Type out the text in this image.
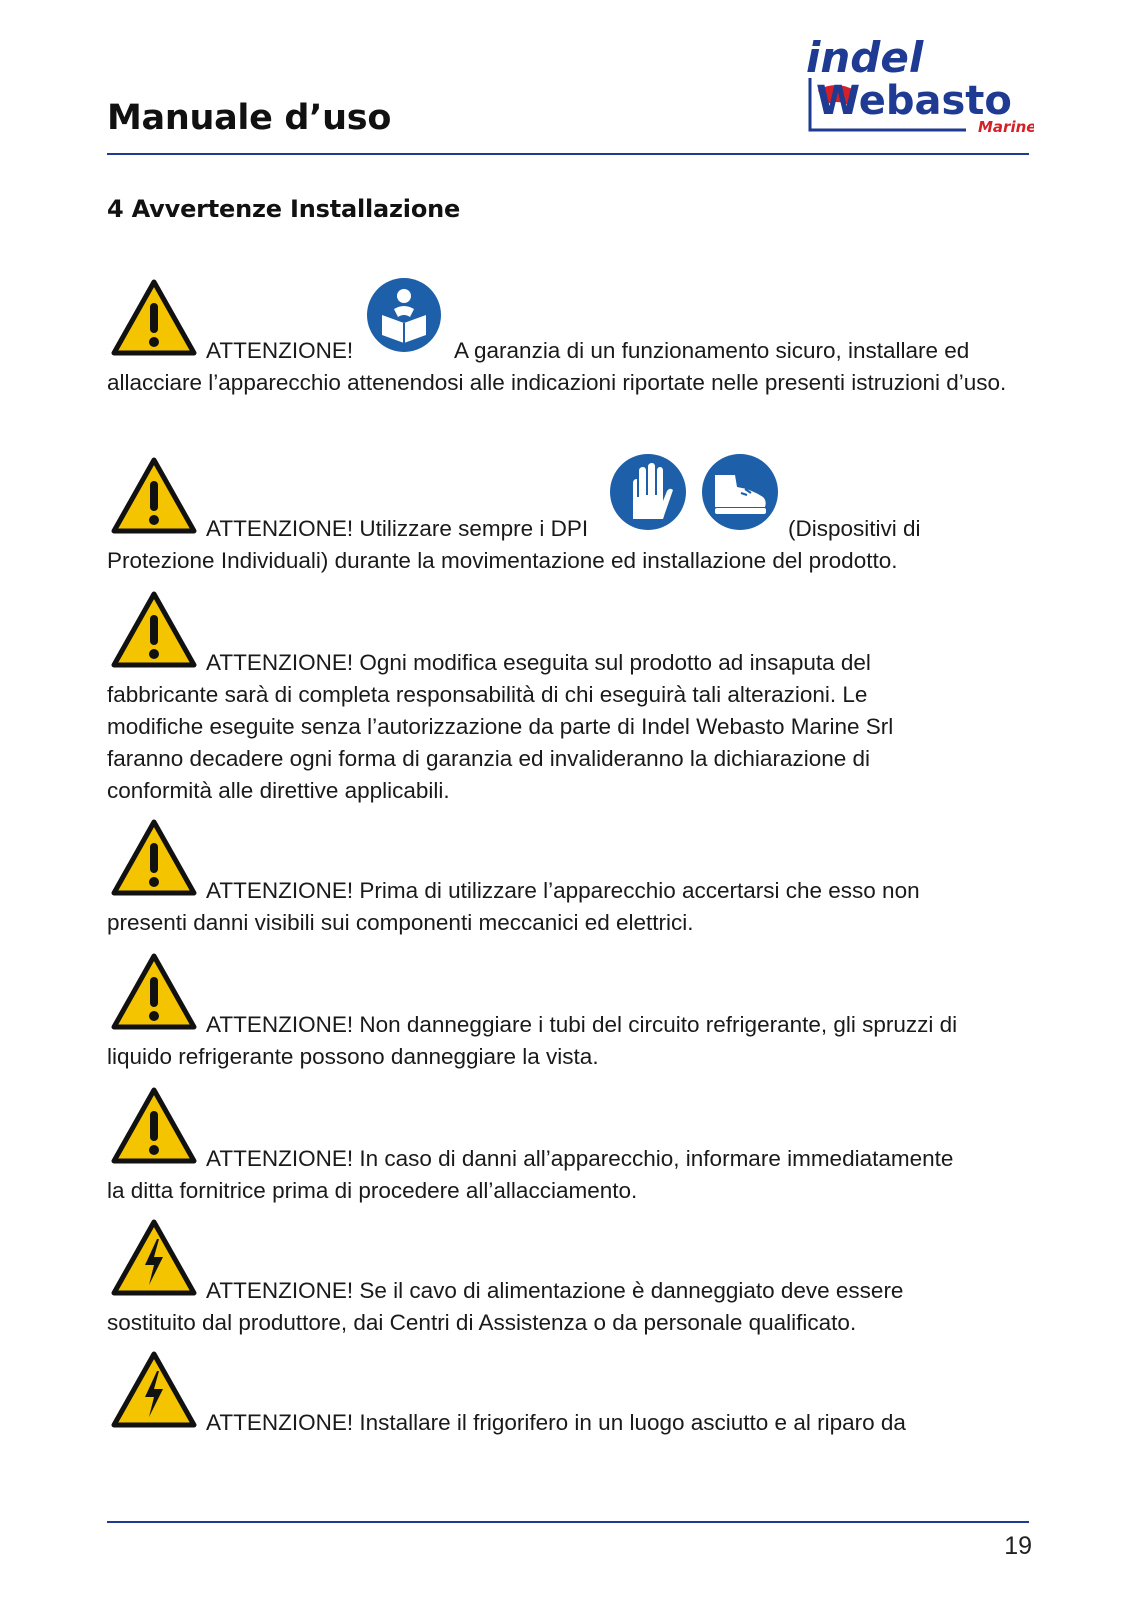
Manuale d’uso
indel
Webasto
Marine
4 Avvertenze Installazione
ATTENZIONE!	A garanzia di un funzionamento sicuro, installare ed
allacciare l’apparecchio attenendosi alle indicazioni riportate nelle presenti istruzioni d’uso.
ATTENZIONE! Utilizzare sempre i DPI	(Dispositivi di
Protezione Individuali) durante la movimentazione ed installazione del prodotto.
ATTENZIONE! Ogni modifica eseguita sul prodotto ad insaputa del
fabbricante sarà di completa responsabilità di chi eseguirà tali alterazioni. Le modifiche eseguite senza l’autorizzazione da parte di Indel Webasto Marine Srl faranno decadere ogni forma di garanzia ed invalideranno la dichiarazione di conformità alle direttive applicabili.
ATTENZIONE! Prima di utilizzare l’apparecchio accertarsi che esso non
presenti danni visibili sui componenti meccanici ed elettrici.
ATTENZIONE! Non danneggiare i tubi del circuito refrigerante, gli spruzzi di
liquido refrigerante possono danneggiare la vista.
ATTENZIONE! In caso di danni all’apparecchio, informare immediatamente
la ditta fornitrice prima di procedere all’allacciamento.
ATTENZIONE! Se il cavo di alimentazione è danneggiato deve essere
sostituito dal produttore, dai Centri di Assistenza o da personale qualificato.
ATTENZIONE! Installare il frigorifero in un luogo asciutto e al riparo da
19
